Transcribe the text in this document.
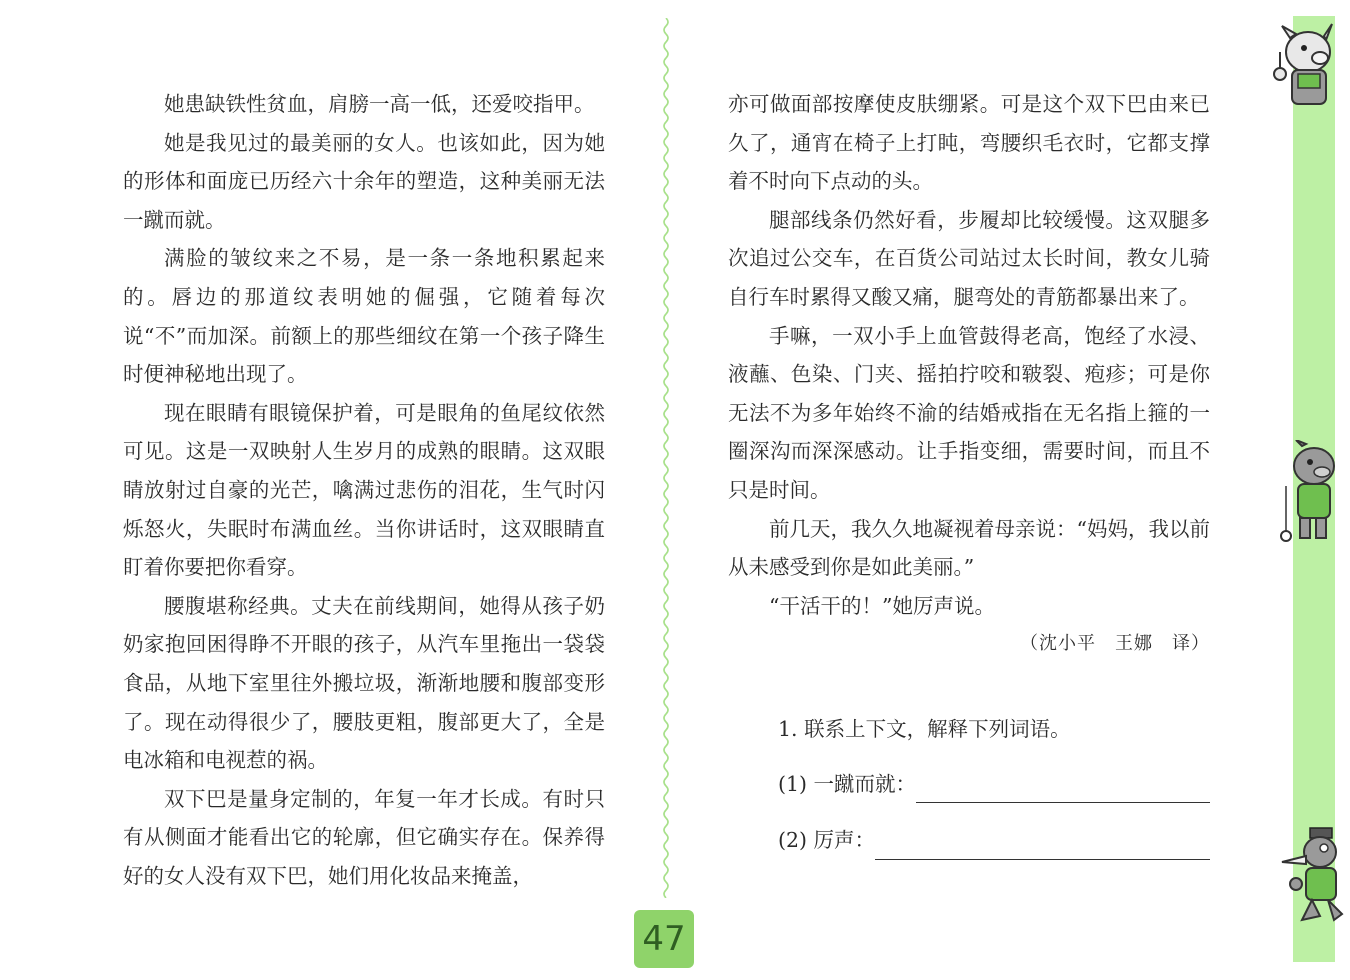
她患缺铁性贫血，肩膀一高一低，还爱咬指甲。

她是我见过的最美丽的女人。也该如此，因为她的形体和面庞已历经六十余年的塑造，这种美丽无法一蹴而就。

满脸的皱纹来之不易，是一条一条地积累起来的。唇边的那道纹表明她的倔强，它随着每次说“不”而加深。前额上的那些细纹在第一个孩子降生时便神秘地出现了。

现在眼睛有眼镜保护着，可是眼角的鱼尾纹依然可见。这是一双映射人生岁月的成熟的眼睛。这双眼睛放射过自豪的光芒，噙满过悲伤的泪花，生气时闪烁怒火，失眠时布满血丝。当你讲话时，这双眼睛直盯着你要把你看穿。

腰腹堪称经典。丈夫在前线期间，她得从孩子奶奶家抱回困得睁不开眼的孩子，从汽车里拖出一袋袋食品，从地下室里往外搬垃圾，渐渐地腰和腹部变形了。现在动得很少了，腰肢更粗，腹部更大了，全是电冰箱和电视惹的祸。

双下巴是量身定制的，年复一年才长成。有时只有从侧面才能看出它的轮廓，但它确实存在。保养得好的女人没有双下巴，她们用化妆品来掩盖，

亦可做面部按摩使皮肤绷紧。可是这个双下巴由来已久了，通宵在椅子上打盹，弯腰织毛衣时，它都支撑着不时向下点动的头。

腿部线条仍然好看，步履却比较缓慢。这双腿多次追过公交车，在百货公司站过太长时间，教女儿骑自行车时累得又酸又痛，腿弯处的青筋都暴出来了。

手嘛，一双小手上血管鼓得老高，饱经了水浸、液蘸、色染、门夹、摇拍拧咬和皲裂、疱疹；可是你无法不为多年始终不渝的结婚戒指在无名指上箍的一圈深沟而深深感动。让手指变细，需要时间，而且不只是时间。

前几天，我久久地凝视着母亲说：“妈妈，我以前从未感受到你是如此美丽。”

“干活干的！”她厉声说。

（沈小平　王娜　译）

1. 联系上下文，解释下列词语。

(1) 一蹴而就：
(2) 厉声：
47
